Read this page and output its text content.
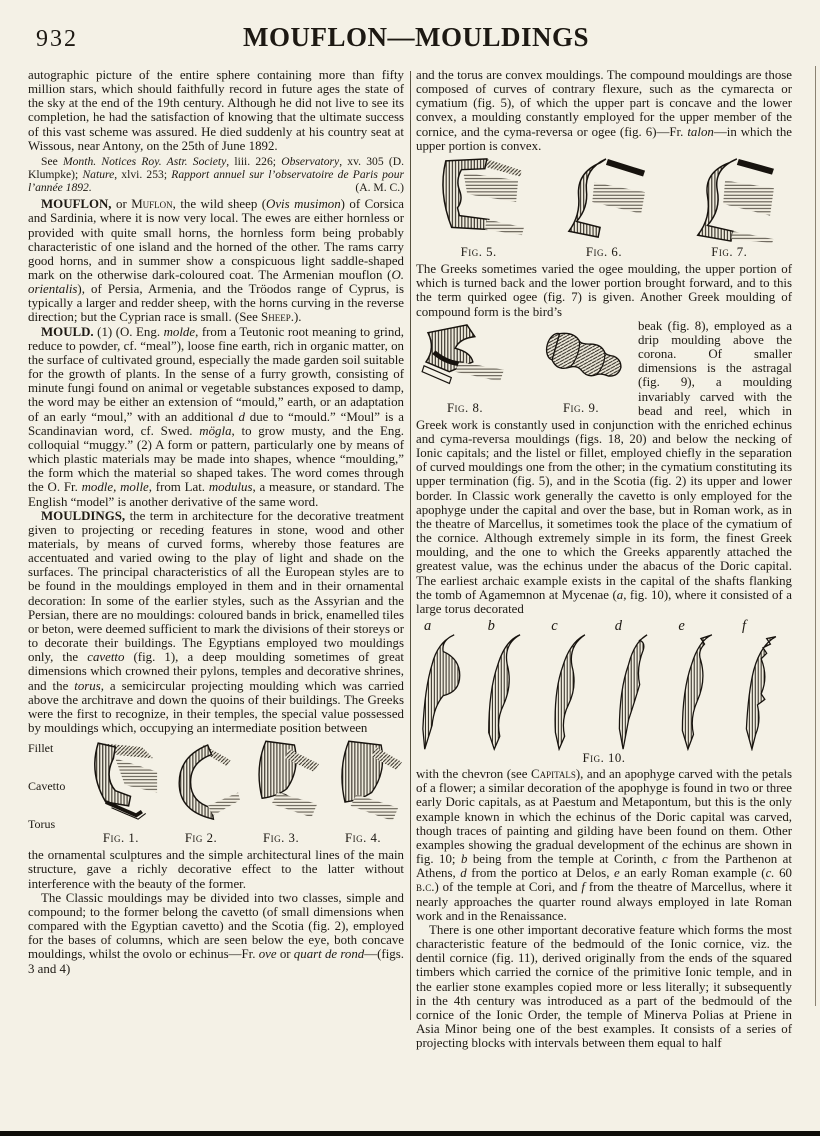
932	MOUFLON—MOULDINGS

autographic picture of the entire sphere containing more than fifty million stars, which should faithfully record in future ages the state of the sky at the end of the 19th century. Although he did not live to see its completion, he had the satisfaction of knowing that the ultimate success of this vast scheme was assured. He died suddenly at his country seat at Wissous, near Antony, on the 25th of June 1892.

See Month. Notices Roy. Astr. Society, liii. 226; Observatory, xv. 305 (D. Klumpke); Nature, xlvi. 253; Rapport annuel sur l’observatoire de Paris pour l’année 1892.	(A. M. C.)

MOUFLON, or Muflon, the wild sheep (Ovis musimon) of Corsica and Sardinia, where it is now very local. The ewes are either hornless or provided with quite small horns, the hornless form being probably characteristic of one island and the horned of the other. The rams carry good horns, and in summer show a conspicuous light saddle-shaped mark on the otherwise dark-coloured coat. The Armenian mouflon (O. orientalis), of Persia, Armenia, and the Tröodos range of Cyprus, is typically a larger and redder sheep, with the horns curving in the reverse direction; but the Cyprian race is small. (See Sheep.).

MOULD. (1) (O. Eng. molde, from a Teutonic root meaning to grind, reduce to powder, cf. “meal”), loose fine earth, rich in organic matter, on the surface of cultivated ground, especially the made garden soil suitable for the growth of plants. In the sense of a furry growth, consisting of minute fungi found on animal or vegetable substances exposed to damp, the word may be either an extension of “mould,” earth, or an adaptation of an early “moul,” with an additional d due to “mould.” “Moul” is a Scandinavian word, cf. Swed. mögla, to grow musty, and the Eng. colloquial “muggy.” (2) A form or pattern, particularly one by means of which plastic materials may be made into shapes, whence “moulding,” the form which the material so shaped takes. The word comes through the O. Fr. modle, molle, from Lat. modulus, a measure, or standard. The English “model” is another derivative of the same word.

MOULDINGS, the term in architecture for the decorative treatment given to projecting or receding features in stone, wood and other materials, by means of curved forms, whereby those features are accentuated and varied owing to the play of light and shade on the surfaces. The principal characteristics of all the European styles are to be found in the mouldings employed in them and in their ornamental decoration: In some of the earlier styles, such as the Assyrian and the Persian, there are no mouldings: coloured bands in brick, enamelled tiles or beton, were deemed sufficient to mark the divisions of their storeys or to decorate their buildings. The Egyptians employed two mouldings only, the cavetto (fig. 1), a deep moulding sometimes of great dimensions which crowned their pylons, temples and decorative shrines, and the torus, a semicircular projecting moulding which was carried above the architrave and down the quoins of their buildings. The Greeks were the first to recognize, in their temples, the special value possessed by mouldings which, occupying an intermediate position between

Fillet
Cavetto
Torus
Fig. 1.	Fig 2.	Fig. 3.	Fig. 4.

the ornamental sculptures and the simple architectural lines of the main structure, gave a richly decorative effect to the latter without interference with the beauty of the former.

The Classic mouldings may be divided into two classes, simple and compound; to the former belong the cavetto (of small dimensions when compared with the Egyptian cavetto) and the Scotia (fig. 2), employed for the bases of columns, which are seen below the eye, both concave mouldings, whilst the ovolo or echinus—Fr. ove or quart de rond—(figs. 3 and 4)

and the torus are convex mouldings. The compound mouldings are those composed of curves of contrary flexure, such as the cymarecta or cymatium (fig. 5), of which the upper part is concave and the lower convex, a moulding constantly employed for the upper member of the cornice, and the cyma-reversa or ogee (fig. 6)—Fr. talon—in which the upper portion is convex.

Fig. 5.	Fig. 6.	Fig. 7.

The Greeks sometimes varied the ogee moulding, the upper portion of which is turned back and the lower portion brought forward, and to this the term quirked ogee (fig. 7) is given. Another Greek moulding of compound form is the bird’s

Fig. 8.	Fig. 9.
beak (fig. 8), employed as a drip moulding above the corona. Of smaller dimensions is the astragal (fig. 9), a moulding invariably carved with the bead and reel, which in Greek work is constantly used in conjunction with the enriched echinus and cyma-reversa mouldings (figs. 18, 20) and below the necking of Ionic capitals; and the listel or fillet, employed chiefly in the separation of curved mouldings one from the other; in the cymatium constituting its upper termination (fig. 5), and in the Scotia (fig. 2) its upper and lower border. In Classic work generally the cavetto is only employed for the apophyge under the capital and over the base, but in Roman work, as in the theatre of Marcellus, it sometimes took the place of the cymatium of the cornice. Although extremely simple in its form, the finest Greek moulding, and the one to which the Greeks apparently attached the greatest value, was the echinus under the abacus of the Doric capital. The earliest archaic example exists in the capital of the shafts flanking the tomb of Agamemnon at Mycenae (a, fig. 10), where it consisted of a large torus decorated
a	b	c	d	e	f
Fig. 10.

with the chevron (see Capitals), and an apophyge carved with the petals of a flower; a similar decoration of the apophyge is found in two or three early Doric capitals, as at Paestum and Metapontum, but this is the only example known in which the echinus of the Doric capital was carved, though traces of painting and gilding have been found on them. Other examples showing the gradual development of the echinus are shown in fig. 10; b being from the temple at Corinth, c from the Parthenon at Athens, d from the portico at Delos, e an early Roman example (c. 60 b.c.) of the temple at Cori, and f from the theatre of Marcellus, where it nearly approaches the quarter round always employed in late Roman work and in the Renaissance.

There is one other important decorative feature which forms the most characteristic feature of the bedmould of the Ionic cornice, viz. the dentil cornice (fig. 11), derived originally from the ends of the squared timbers which carried the cornice of the primitive Ionic temple, and in the earlier stone examples copied more or less literally; it subsequently in the 4th century was introduced as a part of the bedmould of the cornice of the Ionic Order, the temple of Minerva Polias at Priene in Asia Minor being one of the best examples. It consists of a series of projecting blocks with intervals between them equal to half
